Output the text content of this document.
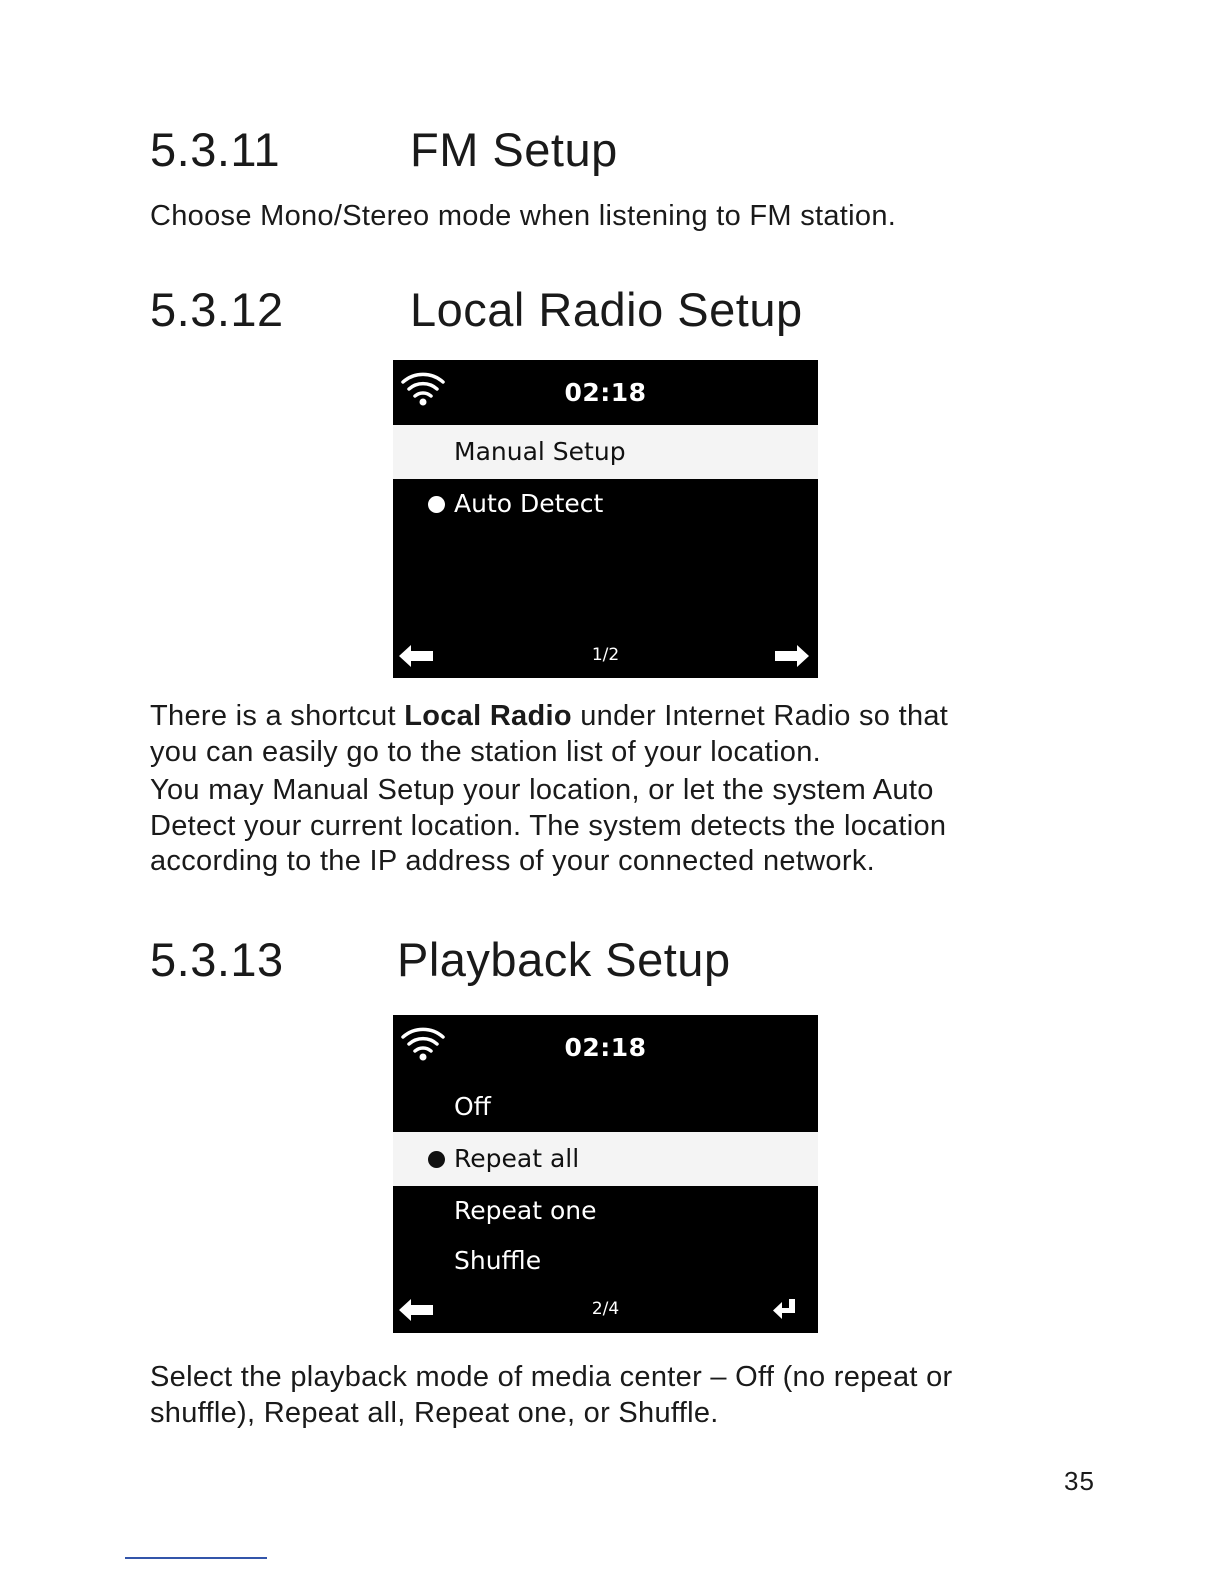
5.3.11	FM Setup
Choose Mono/Stereo mode when listening to FM station.
5.3.12	Local Radio Setup
02:18
Manual Setup
Auto Detect
1/2
There is a shortcut Local Radio under Internet Radio so that
you can easily go to the station list of your location.
You may Manual Setup your location, or let the system Auto
Detect your current location. The system detects the location
according to the IP address of your connected network.
5.3.13 Playback Setup
02:18
Off
Repeat all
Repeat one
Shuffle
2/4
Select the playback mode of media center – Off (no repeat or
shuffle), Repeat all, Repeat one, or Shuffle.
35
